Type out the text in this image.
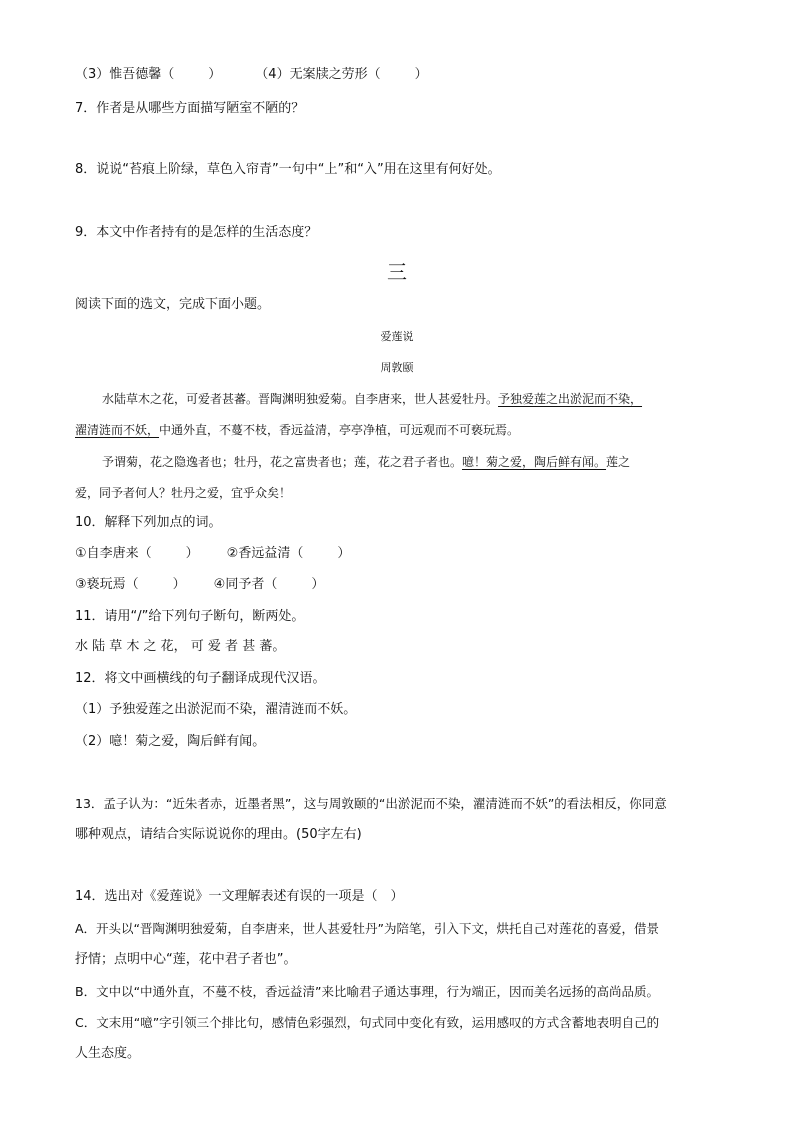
（3）惟吾德馨（	）	（4）无案牍之劳形（	）
7．作者是从哪些方面描写陋室不陋的？
8．说说“苔痕上阶绿，草色入帘青”一句中“上”和“入”用在这里有何好处。
9．本文中作者持有的是怎样的生活态度？
三
阅读下面的选文，完成下面小题。
爱莲说
周敦颐
水陆草木之花，可爱者甚蕃。晋陶渊明独爱菊。自李唐来，世人甚爱牡丹。予独爱莲之出淤泥而不染，
濯清涟而不妖，中通外直，不蔓不枝，香远益清，亭亭净植，可远观而不可亵玩焉。
予谓菊，花之隐逸者也；牡丹，花之富贵者也；莲，花之君子者也。噫！菊之爱，陶后鲜有闻。莲之
爱，同予者何人？牡丹之爱，宜乎众矣！
10．解释下列加点的词。
①自李唐来（	） ②香远益清（	）
③亵玩焉（	） ④同予者（	）
11．请用“/”给下列句子断句，断两处。
水 陆 草 木 之 花， 可 爱 者 甚 蕃。
12．将文中画横线的句子翻译成现代汉语。
（1）予独爱莲之出淤泥而不染，濯清涟而不妖。
（2）噫！菊之爱，陶后鲜有闻。
13．孟子认为：“近朱者赤，近墨者黑”，这与周敦颐的“出淤泥而不染，濯清涟而不妖”的看法相反，你同意
哪种观点，请结合实际说说你的理由。(50字左右)
14．选出对《爱莲说》一文理解表述有误的一项是（　）
A．开头以“晋陶渊明独爱菊，自李唐来，世人甚爱牡丹”为陪笔，引入下文，烘托自己对莲花的喜爱，借景
抒情；点明中心“莲，花中君子者也”。
B．文中以“中通外直，不蔓不枝，香远益清”来比喻君子通达事理，行为端正，因而美名远扬的高尚品质。
C．文末用“噫”字引领三个排比句，感情色彩强烈，句式同中变化有致，运用感叹的方式含蓄地表明自己的
人生态度。
